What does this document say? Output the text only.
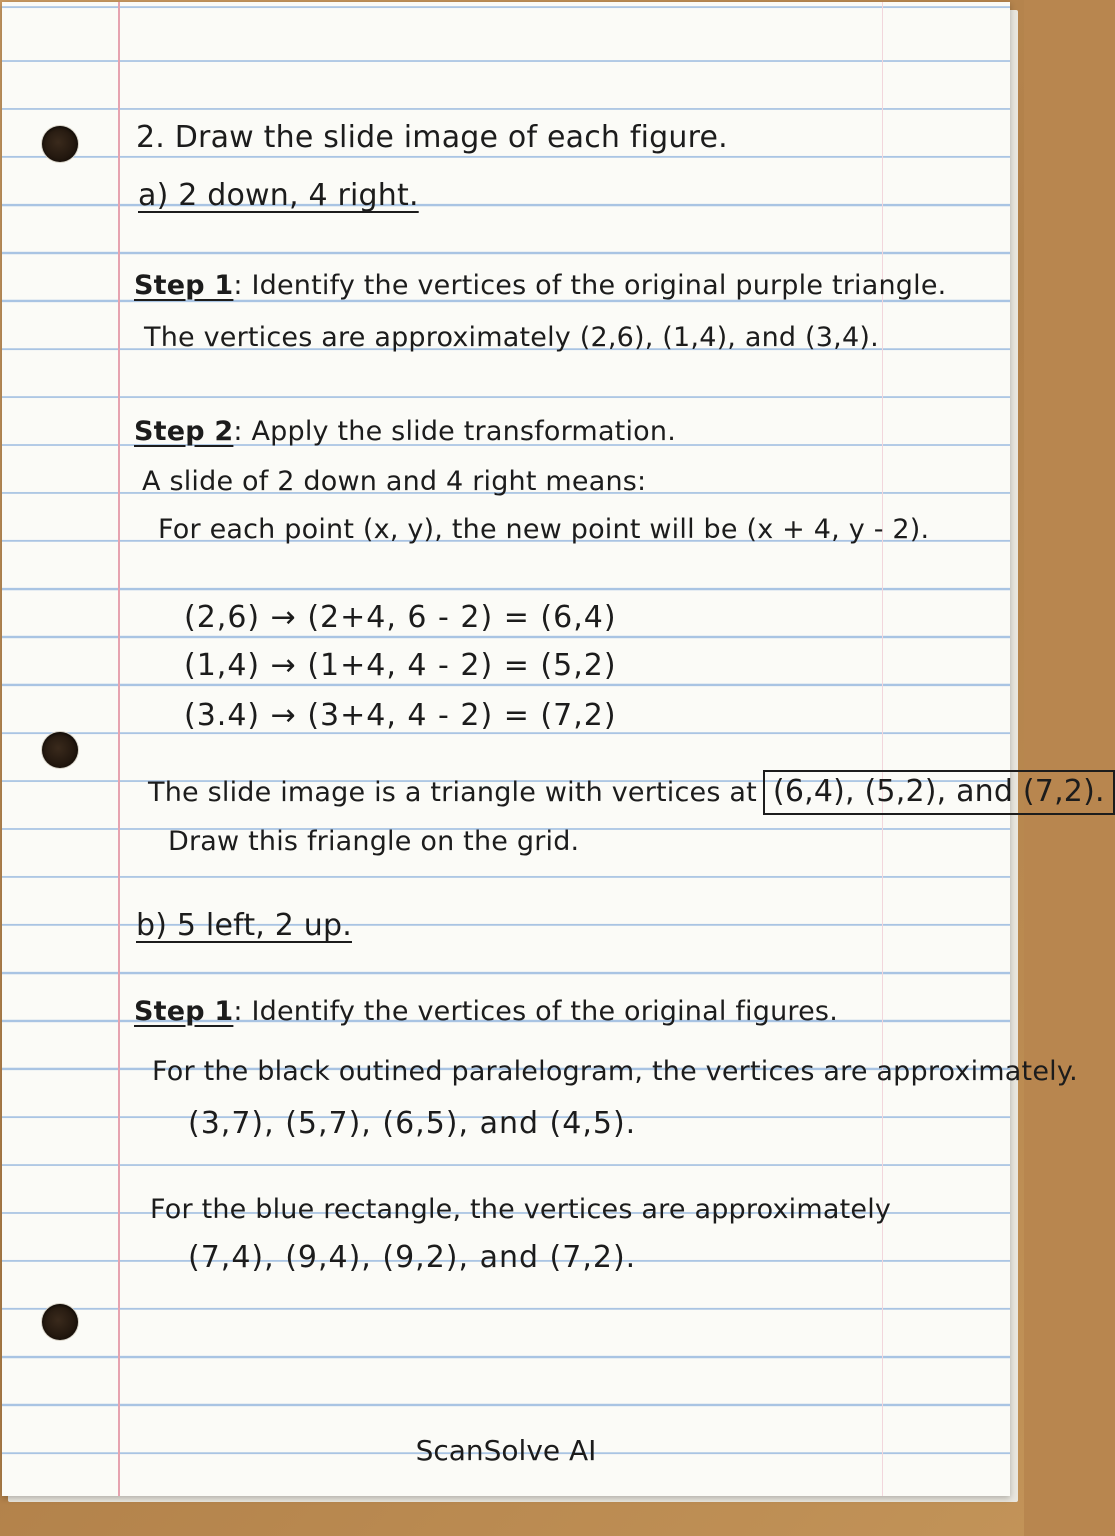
2. Draw the slide image of each figure.
a) 2 down, 4 right.
Step 1: Identify the vertices of the original purple triangle.
The vertices are approximately (2,6), (1,4), and (3,4).
Step 2: Apply the slide transformation.
A slide of 2 down and 4 right means:
For each point (x, y), the new point will be (x + 4, y - 2).
(2,6) → (2+4, 6 - 2) = (6,4)
(1,4) → (1+4, 4 - 2) = (5,2)
(3.4) → (3+4, 4 - 2) = (7,2)
The slide image is a triangle with vertices at (6,4), (5,2), and (7,2).
Draw this friangle on the grid.
b) 5 left, 2 up.
Step 1: Identify the vertices of the original figures.
For the black outined paralelogram, the vertices are approximately.
(3,7), (5,7), (6,5), and (4,5).
For the blue rectangle, the vertices are approximately
(7,4), (9,4), (9,2), and (7,2).
ScanSolve AI
